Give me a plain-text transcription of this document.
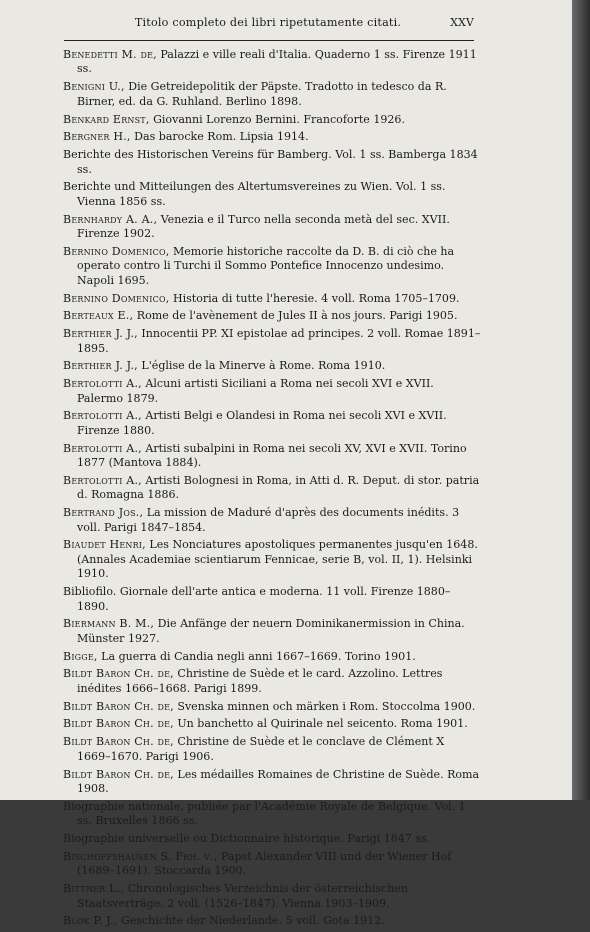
Titolo completo dei libri ripetutamente citati.	XXV
Benedetti M. de, Palazzi e ville reali d'Italia. Quaderno 1 ss. Firenze 1911 ss.
Benigni U., Die Getreidepolitik der Päpste. Tradotto in tedesco da R. Birner, ed. da G. Ruhland. Berlino 1898.
Benkard Ernst, Giovanni Lorenzo Bernini. Francoforte 1926.
Bergner H., Das barocke Rom. Lipsia 1914.
Berichte des Historischen Vereins für Bamberg. Vol. 1 ss. Bamberga 1834 ss.
Berichte und Mitteilungen des Altertumsvereines zu Wien. Vol. 1 ss. Vienna 1856 ss.
Bernhardy A. A., Venezia e il Turco nella seconda metà del sec. XVII. Firenze 1902.
Bernino Domenico, Memorie historiche raccolte da D. B. di ciò che ha operato contro li Turchi il Sommo Pontefice Innocenzo undesimo. Napoli 1695.
Bernino Domenico, Historia di tutte l'heresie. 4 voll. Roma 1705–1709.
Berteaux E., Rome de l'avènement de Jules II à nos jours. Parigi 1905.
Berthier J. J., Innocentii PP. XI epistolae ad principes. 2 voll. Romae 1891–1895.
Berthier J. J., L'église de la Minerve à Rome. Roma 1910.
Bertolotti A., Alcuni artisti Siciliani a Roma nei secoli XVI e XVII. Palermo 1879.
Bertolotti A., Artisti Belgi e Olandesi in Roma nei secoli XVI e XVII. Firenze 1880.
Bertolotti A., Artisti subalpini in Roma nei secoli XV, XVI e XVII. Torino 1877 (Mantova 1884).
Bertolotti A., Artisti Bolognesi in Roma, in Atti d. R. Deput. di stor. patria d. Romagna 1886.
Bertrand Jos., La mission de Maduré d'après des documents inédits. 3 voll. Parigi 1847–1854.
Biaudet Henri, Les Nonciatures apostoliques permanentes jusqu'en 1648. (Annales Academiae scientiarum Fennicae, serie B, vol. II, 1). Helsinki 1910.
Bibliofilo. Giornale dell'arte antica e moderna. 11 voll. Firenze 1880–1890.
Biermann B. M., Die Anfänge der neuern Dominikanermission in China. Münster 1927.
Bigge, La guerra di Candia negli anni 1667–1669. Torino 1901.
Bildt Baron Ch. de, Christine de Suède et le card. Azzolino. Lettres inédites 1666–1668. Parigi 1899.
Bildt Baron Ch. de, Svenska minnen och märken i Rom. Stoccolma 1900.
Bildt Baron Ch. de, Un banchetto al Quirinale nel seicento. Roma 1901.
Bildt Baron Ch. de, Christine de Suède et le conclave de Clément X 1669–1670. Parigi 1906.
Bildt Baron Ch. de, Les médailles Romaines de Christine de Suède. Roma 1908.
Biographie nationale, publiée par l'Académie Royale de Belgique. Vol. 1 ss. Bruxelles 1866 ss.
Biographie universelle ou Dictionnaire historique. Parigi 1847 ss.
Bischoffshausen S. Frh. v., Papst Alexander VIII und der Wiener Hof (1689–1691). Stoccarda 1900.
Bittner L., Chronologisches Verzeichnis der österreichischen Staatsverträge. 2 voll. (1526–1847). Vienna 1903–1909.
Blok P. J., Geschichte der Niederlande. 5 voll. Gota 1912.
